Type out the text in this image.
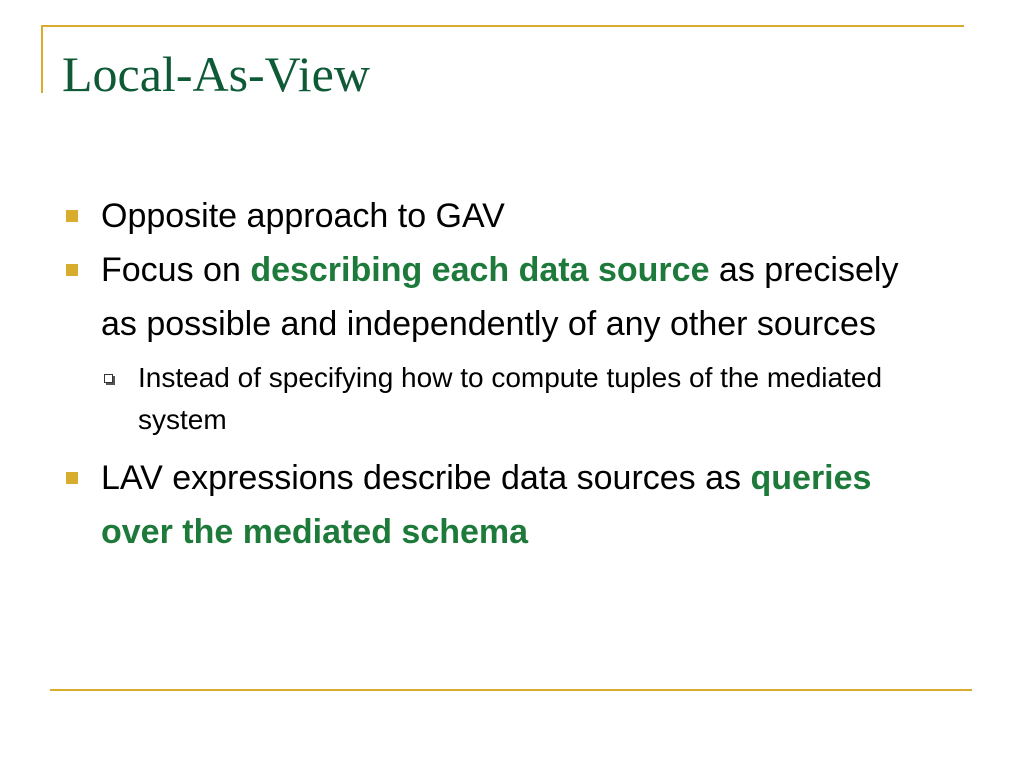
Local-As-View
Opposite approach to GAV
Focus on describing each data source as precisely as possible and independently of any other sources
Instead of specifying how to compute tuples of the mediated system
LAV expressions describe data sources as queries over the mediated schema
